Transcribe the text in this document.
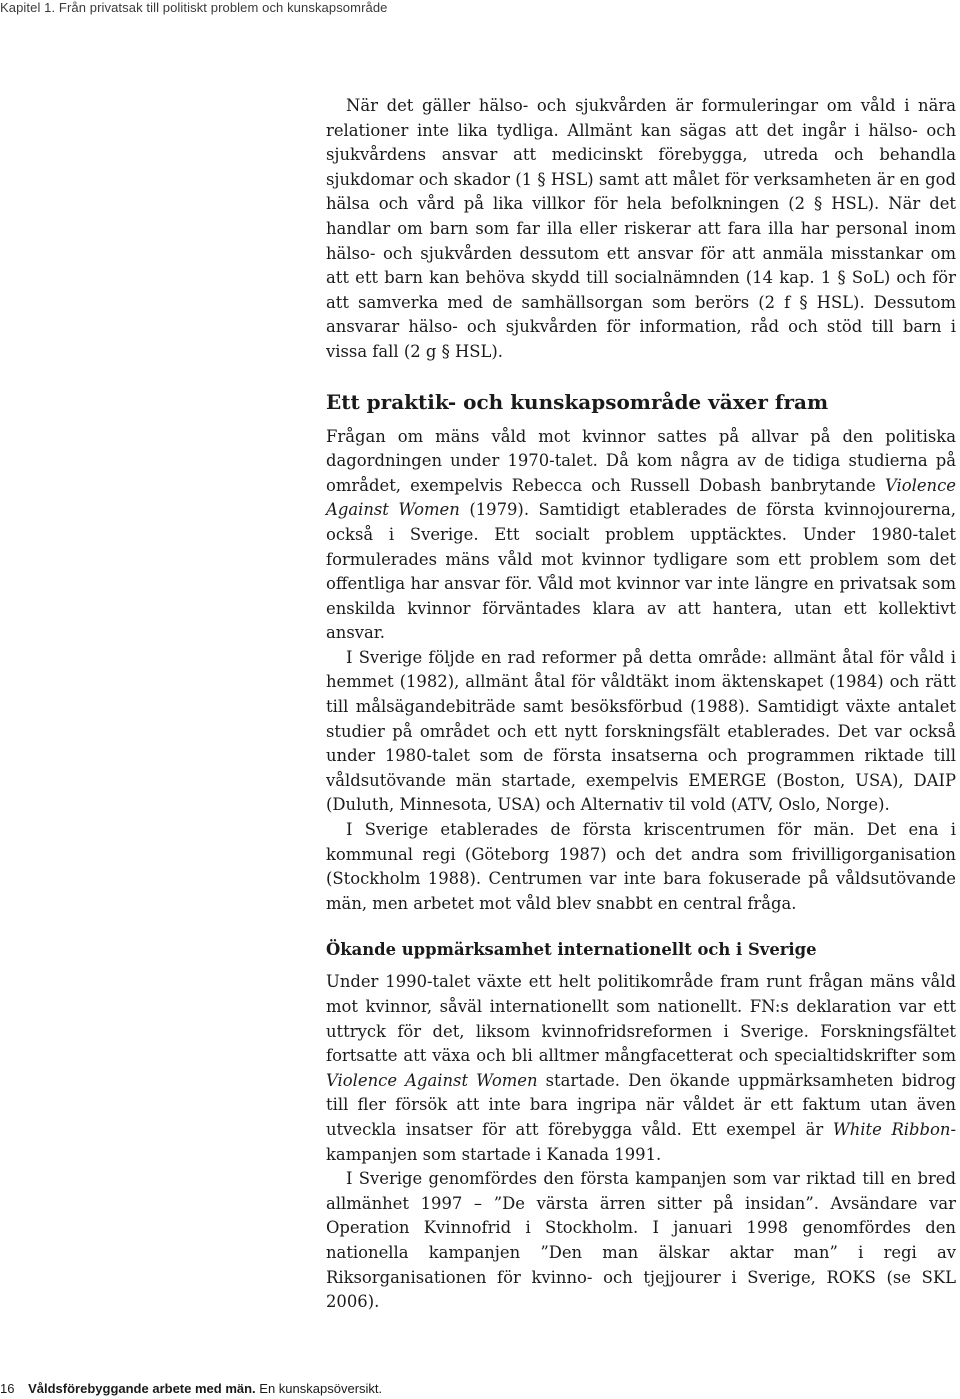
Kapitel 1. Från privatsak till politiskt problem och kunskapsområde

När det gäller hälso- och sjukvården är formuleringar om våld i nära relationer inte lika tydliga. Allmänt kan sägas att det ingår i hälso- och sjukvårdens ansvar att medicinskt förebygga, utreda och behandla sjukdomar och skador (1 § HSL) samt att målet för verksamheten är en god hälsa och vård på lika villkor för hela befolkningen (2 § HSL). När det handlar om barn som far illa eller riskerar att fara illa har personal inom hälso- och sjukvården dessutom ett ansvar för att anmäla misstankar om att ett barn kan behöva skydd till socialnämnden (14 kap. 1 § SoL) och för att samverka med de samhällsorgan som berörs (2 f § HSL). Dessutom ansvarar hälso- och sjukvården för information, råd och stöd till barn i vissa fall (2 g § HSL).

Ett praktik- och kunskapsområde växer fram

Frågan om mäns våld mot kvinnor sattes på allvar på den politiska dagordningen under 1970-talet. Då kom några av de tidiga studierna på området, exempelvis Rebecca och Russell Dobash banbrytande Violence Against Women (1979). Samtidigt etablerades de första kvinnojourerna, också i Sverige. Ett socialt problem upptäcktes. Under 1980-talet formulerades mäns våld mot kvinnor tydligare som ett problem som det offentliga har ansvar för. Våld mot kvinnor var inte längre en privatsak som enskilda kvinnor förväntades klara av att hantera, utan ett kollektivt ansvar.

I Sverige följde en rad reformer på detta område: allmänt åtal för våld i hemmet (1982), allmänt åtal för våldtäkt inom äktenskapet (1984) och rätt till målsägandebiträde samt besöksförbud (1988). Samtidigt växte antalet studier på området och ett nytt forskningsfält etablerades. Det var också under 1980-talet som de första insatserna och programmen riktade till våldsutövande män startade, exempelvis EMERGE (Boston, USA), DAIP (Duluth, Minnesota, USA) och Alternativ til vold (ATV, Oslo, Norge).

I Sverige etablerades de första kriscentrumen för män. Det ena i kommunal regi (Göteborg 1987) och det andra som frivilligorganisation (Stockholm 1988). Centrumen var inte bara fokuserade på våldsutövande män, men arbetet mot våld blev snabbt en central fråga.

Ökande uppmärksamhet internationellt och i Sverige

Under 1990-talet växte ett helt politikområde fram runt frågan mäns våld mot kvinnor, såväl internationellt som nationellt. FN:s deklaration var ett uttryck för det, liksom kvinnofridsreformen i Sverige. Forskningsfältet fortsatte att växa och bli alltmer mångfacetterat och specialtidskrifter som Violence Against Women startade. Den ökande uppmärksamheten bidrog till fler försök att inte bara ingripa när våldet är ett faktum utan även utveckla insatser för att förebygga våld. Ett exempel är White Ribbon-kampanjen som startade i Kanada 1991.

I Sverige genomfördes den första kampanjen som var riktad till en bred allmänhet 1997 – ”De värsta ärren sitter på insidan”. Avsändare var Operation Kvinnofrid i Stockholm. I januari 1998 genomfördes den nationella kampanjen ”Den man älskar aktar man” i regi av Riksorganisationen för kvinno- och tjejjourer i Sverige, ROKS (se SKL 2006).

16 Våldsförebyggande arbete med män. En kunskapsöversikt.
